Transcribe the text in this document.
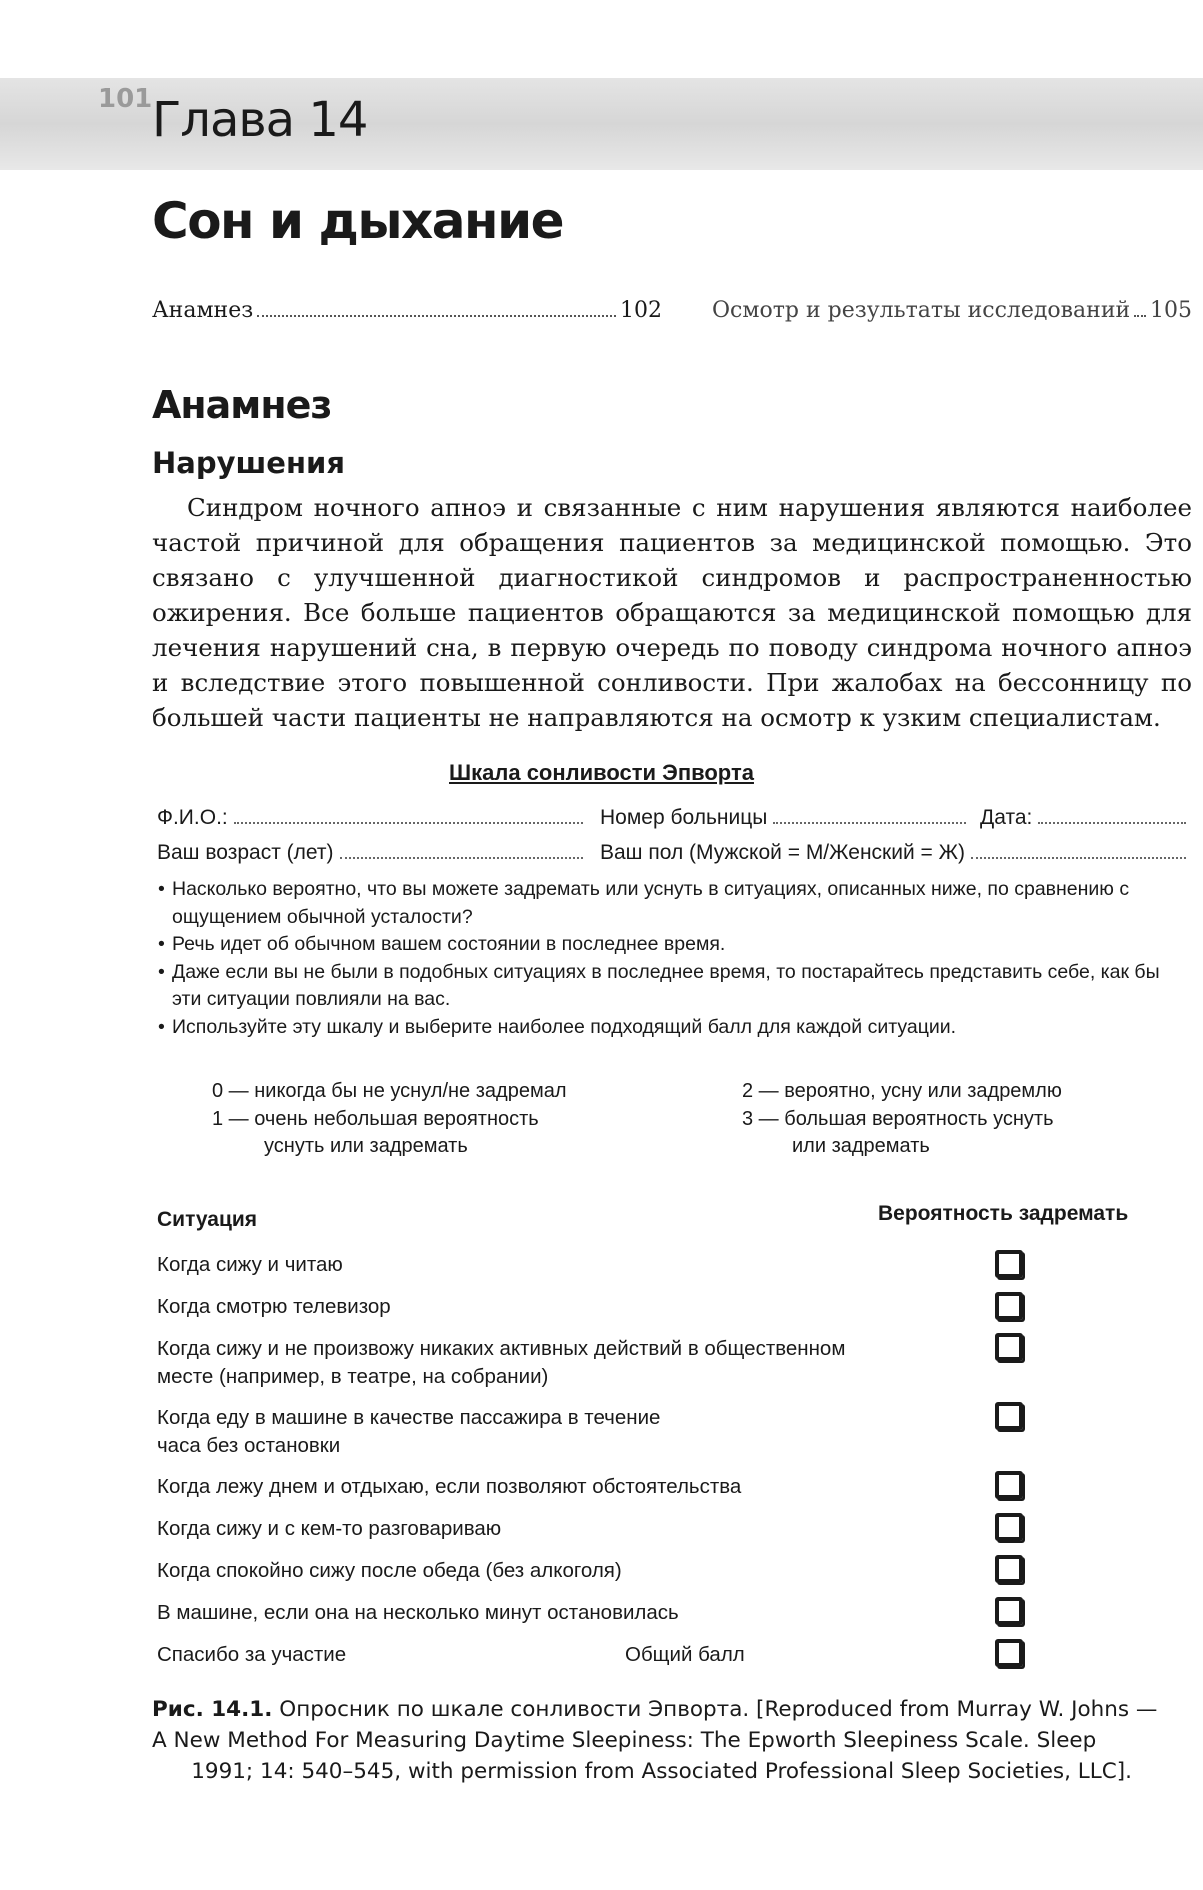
101 Глава 14
Сон и дыхание
Анамнез	102 Осмотр и результаты исследований 105
Анамнез
Нарушения

Синдром ночного апноэ и связанные с ним нарушения являются наиболее частой причиной для обращения пациентов за медицинской помощью. Это связано с улучшенной диагностикой синдромов и распространенностью ожирения. Все больше пациентов обращаются за медицинской помощью для лечения нарушений сна, в первую очередь по поводу синдрома ночного апноэ и вследствие этого повышенной сонливости. При жалобах на бессонницу по большей части пациенты не направляются на осмотр к узким специалистам.

Шкала сонливости Эпворта
Ф.И.О.:	Номер больницы	Дата:
Ваш возраст (лет)	Ваш пол (Мужской = М/Женский = Ж)
• Насколько вероятно, что вы можете задремать или уснуть в ситуациях, описанных ниже, по сравнению с ощущением обычной усталости?
• Речь идет об обычном вашем состоянии в последнее время.
• Даже если вы не были в подобных ситуациях в последнее время, то постарайтесь представить себе, как бы эти ситуации повлияли на вас.
• Используйте эту шкалу и выберите наиболее подходящий балл для каждой ситуации.
0 — никогда бы не уснул/не задремал
1 — очень небольшая вероятность
уснуть или задремать
2 — вероятно, усну или задремлю
3 — большая вероятность уснуть
или задремать
Ситуация	Вероятность задремать
Когда сижу и читаю
Когда смотрю телевизор
Когда сижу и не произвожу никаких активных действий в общественном месте (например, в театре, на собрании)
Когда еду в машине в качестве пассажира в течение часа без остановки
Когда лежу днем и отдыхаю, если позволяют обстоятельства
Когда сижу и с кем-то разговариваю
Когда спокойно сижу после обеда (без алкоголя)
В машине, если она на несколько минут остановилась
Спасибо за участие	Общий балл

Рис. 14.1. Опросник по шкале сонливости Эпворта. [Reproduced from Murray W. Johns —
A New Method For Measuring Daytime Sleepiness: The Epworth Sleepiness Scale. Sleep
1991; 14: 540–545, with permission from Associated Professional Sleep Societies, LLC].
